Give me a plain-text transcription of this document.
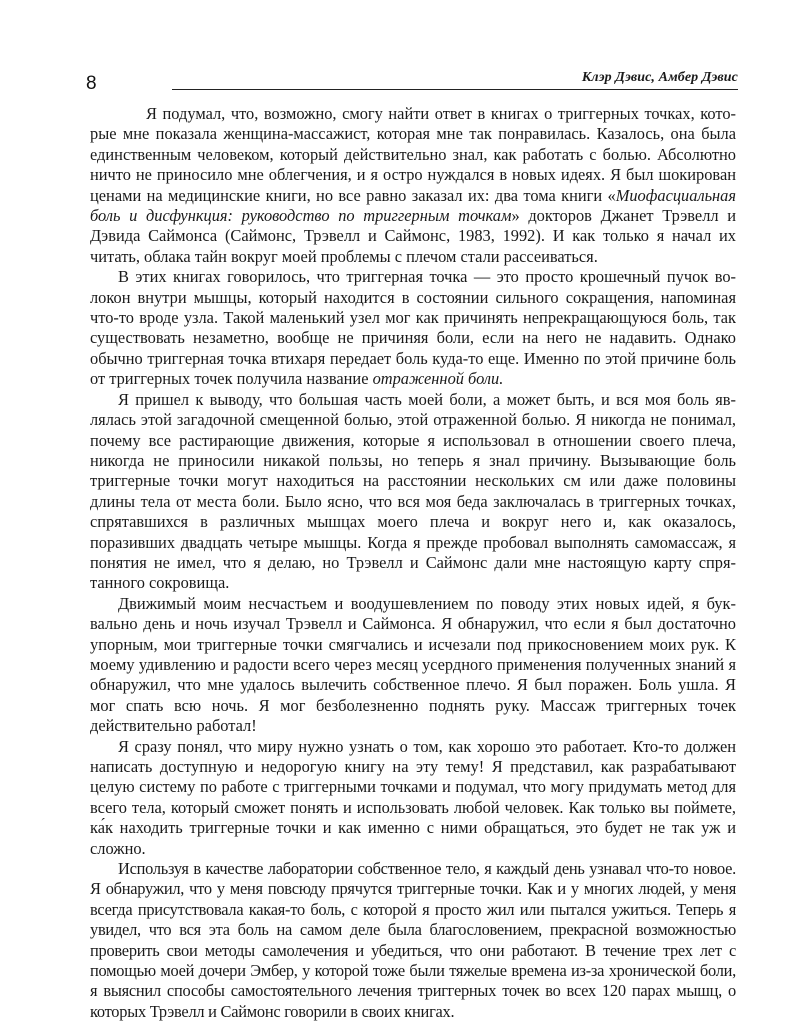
8	Клэр Дэвис, Амбер Дэвис

Я подумал, что, возможно, смогу найти ответ в книгах о триггерных точках, которые мне показала женщина-массажист, которая мне так понравилась. Казалось, она была единственным человеком, который действительно знал, как работать с болью. Абсолютно ничто не приносило мне облегчения, и я остро нуждался в новых идеях. Я был шокирован ценами на медицинские книги, но все равно заказал их: два тома книги «Миофасциальная боль и дисфункция: руководство по триггерным точкам» докторов Джанет Трэвелл и Дэвида Саймонса (Саймонс, Трэвелл и Саймонс, 1983, 1992). И как только я начал их читать, облака тайн вокруг моей проблемы с плечом стали рассеиваться.

В этих книгах говорилось, что триггерная точка — это просто крошечный пучок волокон внутри мышцы, который находится в состоянии сильного сокращения, напоминая что-то вроде узла. Такой маленький узел мог как причинять непрекращающуюся боль, так существовать незаметно, вообще не причиняя боли, если на него не надавить. Однако обычно триггерная точка втихаря передает боль куда-то еще. Именно по этой причине боль от триггерных точек получила название отраженной боли.

Я пришел к выводу, что большая часть моей боли, а может быть, и вся моя боль являлась этой загадочной смещенной болью, этой отраженной болью. Я никогда не понимал, почему все растирающие движения, которые я использовал в отношении своего плеча, никогда не приносили никакой пользы, но теперь я знал причину. Вызывающие боль триггерные точки могут находиться на расстоянии нескольких см или даже половины длины тела от места боли. Было ясно, что вся моя беда заключалась в триггерных точках, спрятавшихся в различных мышцах моего плеча и вокруг него и, как оказалось, поразивших двадцать четыре мышцы. Когда я прежде пробовал выполнять самомассаж, я понятия не имел, что я делаю, но Трэвелл и Саймонс дали мне настоящую карту спрятанного сокровища.

Движимый моим несчастьем и воодушевлением по поводу этих новых идей, я буквально день и ночь изучал Трэвелл и Саймонса. Я обнаружил, что если я был достаточно упорным, мои триггерные точки смягчались и исчезали под прикосновением моих рук. К моему удивлению и радости всего через месяц усердного применения полученных знаний я обнаружил, что мне удалось вылечить собственное плечо. Я был поражен. Боль ушла. Я мог спать всю ночь. Я мог безболезненно поднять руку. Массаж триггерных точек действительно работал!

Я сразу понял, что миру нужно узнать о том, как хорошо это работает. Кто-то должен написать доступную и недорогую книгу на эту тему! Я представил, как разрабатывают целую систему по работе с триггерными точками и подумал, что могу придумать метод для всего тела, который сможет понять и использовать любой человек. Как только вы поймете, ка́к находить триггерные точки и как именно с ними обращаться, это будет не так уж и сложно.

Используя в качестве лаборатории собственное тело, я каждый день узнавал что-то новое. Я обнаружил, что у меня повсюду прячутся триггерные точки. Как и у многих людей, у меня всегда присутствовала какая-то боль, с которой я просто жил или пытался ужиться. Теперь я увидел, что вся эта боль на самом деле была благословением, прекрасной возможностью проверить свои методы самолечения и убедиться, что они работают. В течение трех лет с помощью моей дочери Эмбер, у которой тоже были тяжелые времена из-за хронической боли, я выяснил способы самостоятельного лечения триггерных точек во всех 120 парах мышц, о которых Трэвелл и Саймонс говорили в своих книгах.
